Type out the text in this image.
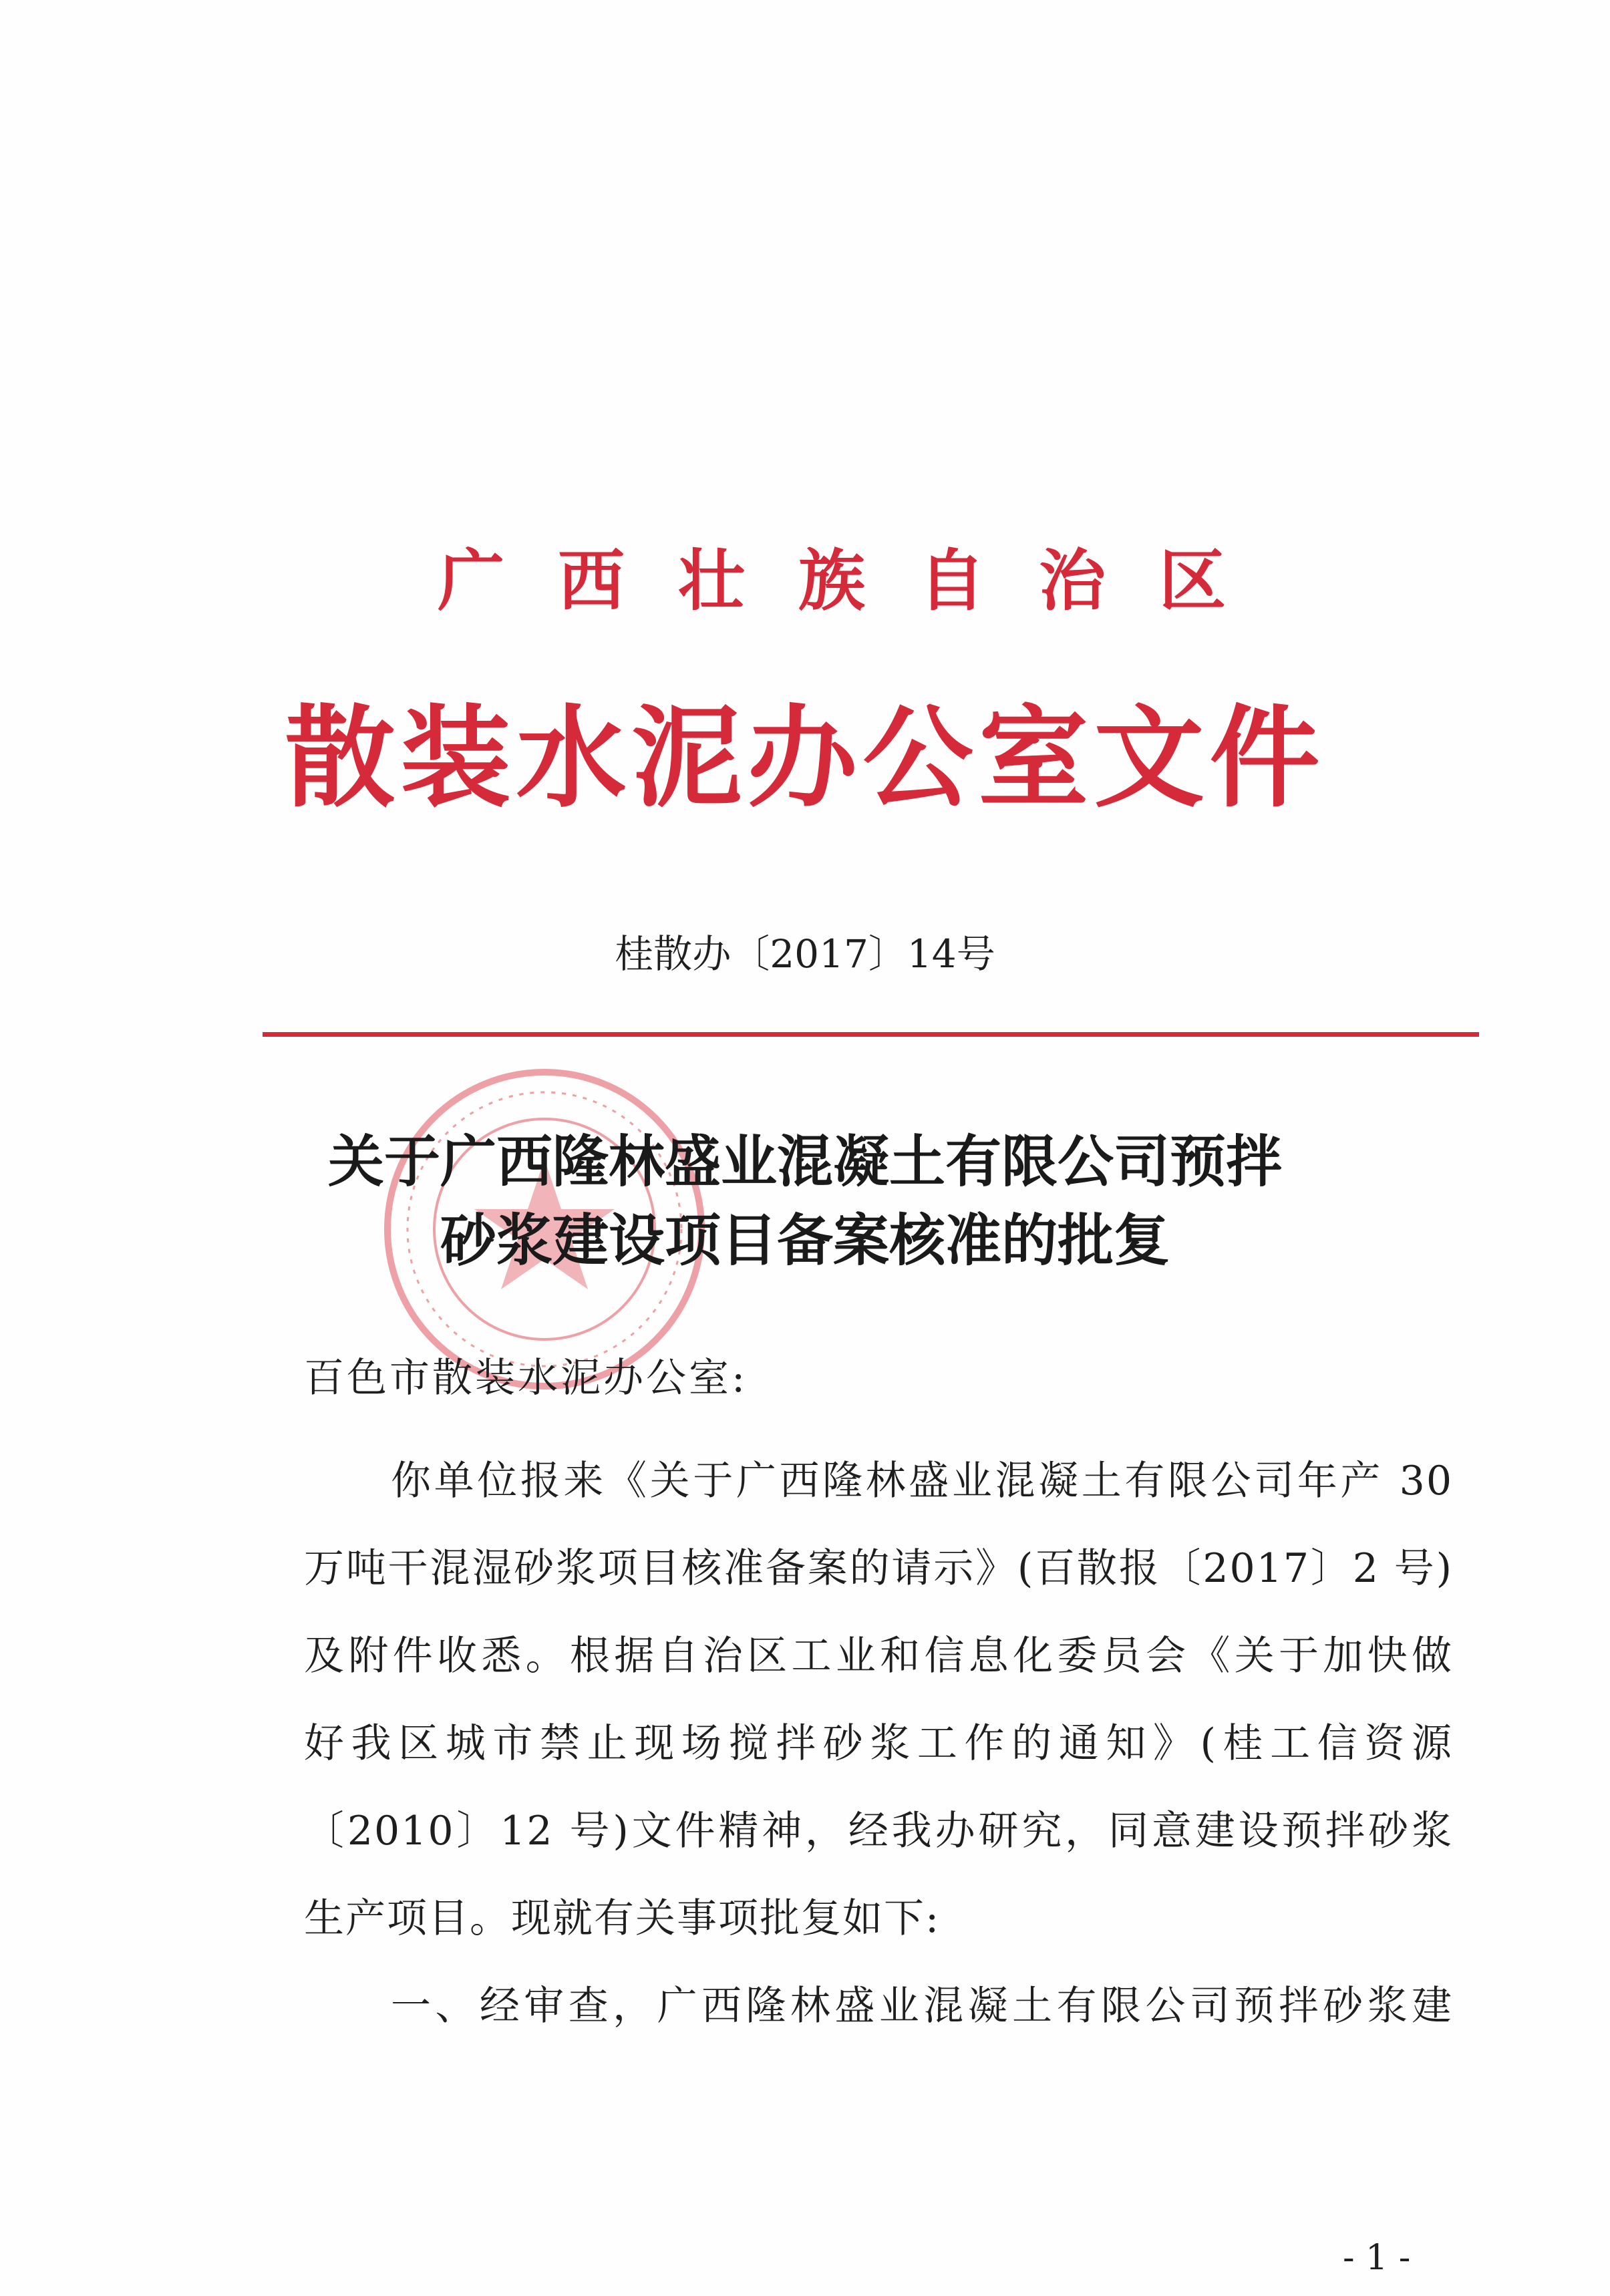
广西壮族自治区
散装水泥办公室文件
桂散办〔2017〕14号
关于广西隆林盛业混凝土有限公司预拌
砂浆建设项目备案核准的批复
百色市散装水泥办公室:
你单位报来《关于广西隆林盛业混凝土有限公司年产 30
万吨干混湿砂浆项目核准备案的请示》(百散报〔2017〕2 号)
及附件收悉。根据自治区工业和信息化委员会《关于加快做
好我区城市禁止现场搅拌砂浆工作的通知》(桂工信资源
〔2010〕12 号)文件精神，经我办研究，同意建设预拌砂浆
生产项目。现就有关事项批复如下:
一、经审查，广西隆林盛业混凝土有限公司预拌砂浆建
- 1 -
